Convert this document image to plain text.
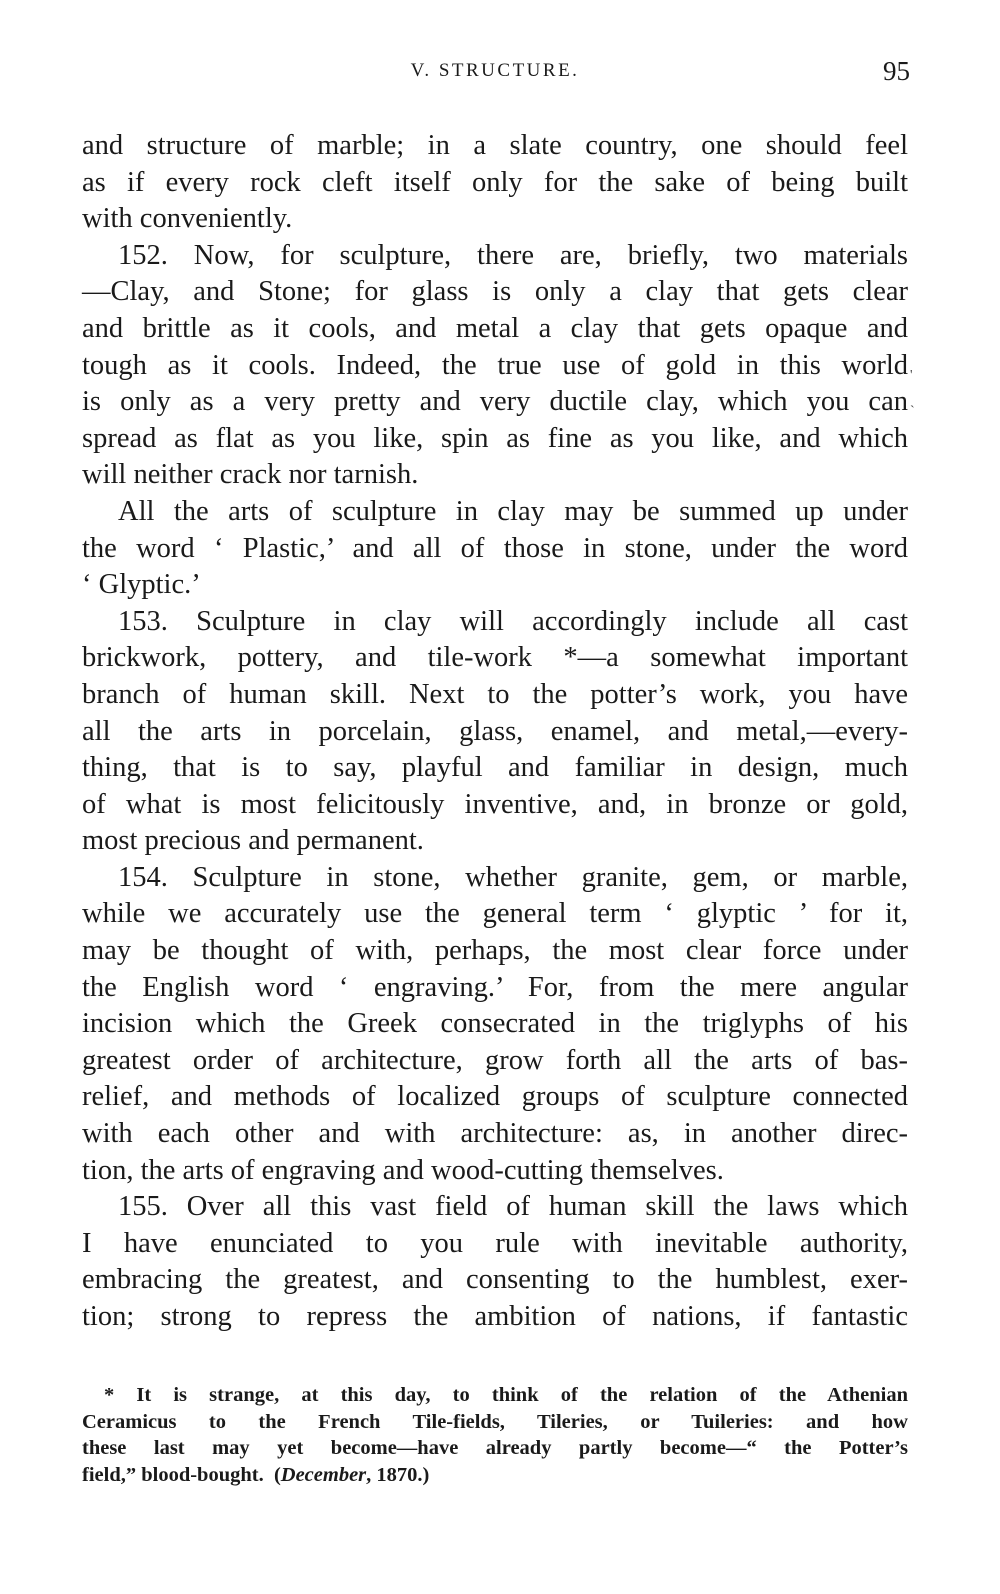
V. STRUCTURE.	95
and structure of marble; in a slate country, one should feel
as if every rock cleft itself only for the sake of being built
with conveniently.
152. Now, for sculpture, there are, briefly, two materials
—Clay, and Stone; for glass is only a clay that gets clear
and brittle as it cools, and metal a clay that gets opaque and
tough as it cools. Indeed, the true use of gold in this world
is only as a very pretty and very ductile clay, which you can
spread as flat as you like, spin as fine as you like, and which
will neither crack nor tarnish.
All the arts of sculpture in clay may be summed up under
the word ‘ Plastic,’ and all of those in stone, under the word
‘ Glyptic.’
153. Sculpture in clay will accordingly include all cast
brickwork, pottery, and tile-work *—a somewhat important
branch of human skill. Next to the potter’s work, you have
all the arts in porcelain, glass, enamel, and metal,—every-
thing, that is to say, playful and familiar in design, much
of what is most felicitously inventive, and, in bronze or gold,
most precious and permanent.
154. Sculpture in stone, whether granite, gem, or marble,
while we accurately use the general term ‘ glyptic ’ for it,
may be thought of with, perhaps, the most clear force under
the English word ‘ engraving.’ For, from the mere angular
incision which the Greek consecrated in the triglyphs of his
greatest order of architecture, grow forth all the arts of bas-
relief, and methods of localized groups of sculpture connected
with each other and with architecture: as, in another direc-
tion, the arts of engraving and wood-cutting themselves.
155. Over all this vast field of human skill the laws which
I have enunciated to you rule with inevitable authority,
embracing the greatest, and consenting to the humblest, exer-
tion; strong to repress the ambition of nations, if fantastic
'
`
* It is strange, at this day, to think of the relation of the Athenian
Ceramicus to the French Tile-fields, Tileries, or Tuileries: and how
these last may yet become—have already partly become—“ the Potter’s
field,” blood-bought. (December, 1870.)
